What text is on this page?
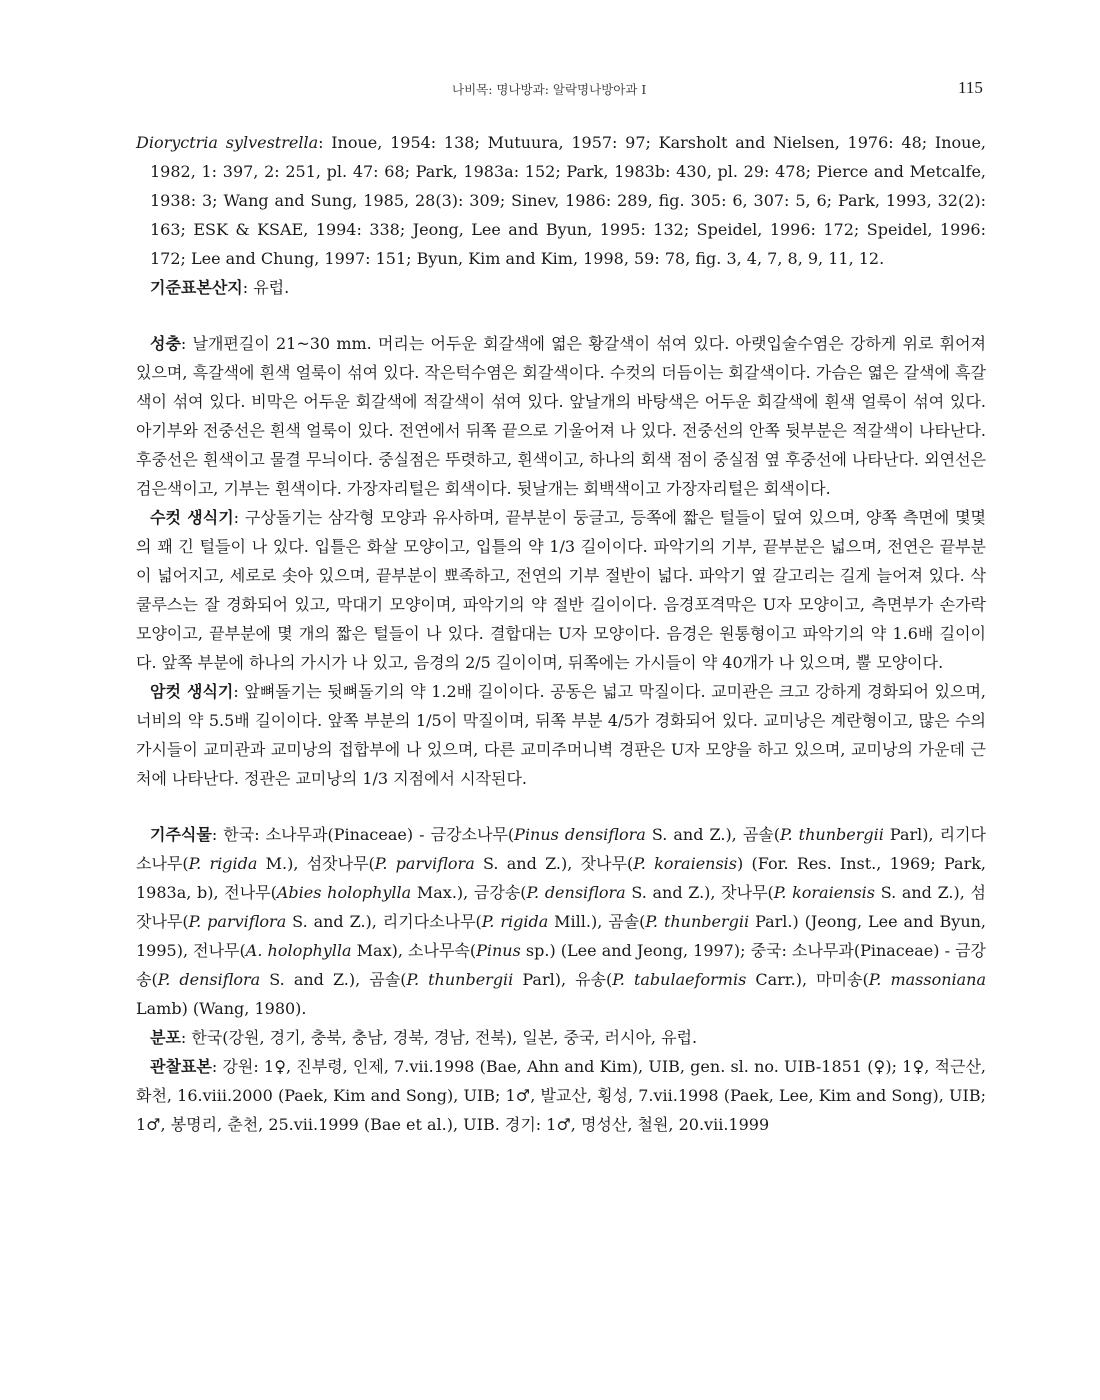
나비목: 명나방과: 알락명나방아과 I	115

Dioryctria sylvestrella: Inoue, 1954: 138; Mutuura, 1957: 97; Karsholt and Nielsen, 1976: 48; Inoue, 1982, 1: 397, 2: 251, pl. 47: 68; Park, 1983a: 152; Park, 1983b: 430, pl. 29: 478; Pierce and Metcalfe, 1938: 3; Wang and Sung, 1985, 28(3): 309; Sinev, 1986: 289, fig. 305: 6, 307: 5, 6; Park, 1993, 32(2): 163; ESK & KSAE, 1994: 338; Jeong, Lee and Byun, 1995: 132; Speidel, 1996: 172; Speidel, 1996: 172; Lee and Chung, 1997: 151; Byun, Kim and Kim, 1998, 59: 78, fig. 3, 4, 7, 8, 9, 11, 12.

기준표본산지: 유럽.

성충: 날개편길이 21~30 mm. 머리는 어두운 회갈색에 엷은 황갈색이 섞여 있다. 아랫입술수염은 강하게 위로 휘어져 있으며, 흑갈색에 흰색 얼룩이 섞여 있다. 작은턱수염은 회갈색이다. 수컷의 더듬이는 회갈색이다. 가슴은 엷은 갈색에 흑갈색이 섞여 있다. 비막은 어두운 회갈색에 적갈색이 섞여 있다. 앞날개의 바탕색은 어두운 회갈색에 흰색 얼룩이 섞여 있다. 아기부와 전중선은 흰색 얼룩이 있다. 전연에서 뒤쪽 끝으로 기울어져 나 있다. 전중선의 안쪽 뒷부분은 적갈색이 나타난다. 후중선은 흰색이고 물결 무늬이다. 중실점은 뚜렷하고, 흰색이고, 하나의 회색 점이 중실점 옆 후중선에 나타난다. 외연선은 검은색이고, 기부는 흰색이다. 가장자리털은 회색이다. 뒷날개는 회백색이고 가장자리털은 회색이다.

수컷 생식기: 구상돌기는 삼각형 모양과 유사하며, 끝부분이 둥글고, 등쪽에 짧은 털들이 덮여 있으며, 양쪽 측면에 몇몇의 꽤 긴 털들이 나 있다. 입틀은 화살 모양이고, 입틀의 약 1/3 길이이다. 파악기의 기부, 끝부분은 넓으며, 전연은 끝부분이 넓어지고, 세로로 솟아 있으며, 끝부분이 뾰족하고, 전연의 기부 절반이 넓다. 파악기 옆 갈고리는 길게 늘어져 있다. 삭쿨루스는 잘 경화되어 있고, 막대기 모양이며, 파악기의 약 절반 길이이다. 음경포격막은 U자 모양이고, 측면부가 손가락 모양이고, 끝부분에 몇 개의 짧은 털들이 나 있다. 결합대는 U자 모양이다. 음경은 원통형이고 파악기의 약 1.6배 길이이다. 앞쪽 부분에 하나의 가시가 나 있고, 음경의 2/5 길이이며, 뒤쪽에는 가시들이 약 40개가 나 있으며, 뿔 모양이다.

암컷 생식기: 앞뼈돌기는 뒷뼈돌기의 약 1.2배 길이이다. 공동은 넓고 막질이다. 교미관은 크고 강하게 경화되어 있으며, 너비의 약 5.5배 길이이다. 앞쪽 부분의 1/5이 막질이며, 뒤쪽 부분 4/5가 경화되어 있다. 교미낭은 계란형이고, 많은 수의 가시들이 교미관과 교미낭의 접합부에 나 있으며, 다른 교미주머니벽 경판은 U자 모양을 하고 있으며, 교미낭의 가운데 근처에 나타난다. 정관은 교미낭의 1/3 지점에서 시작된다.

기주식물: 한국: 소나무과(Pinaceae) - 금강소나무(Pinus densiflora S. and Z.), 곰솔(P. thunbergii Parl), 리기다소나무(P. rigida M.), 섬잣나무(P. parviflora S. and Z.), 잣나무(P. koraiensis) (For. Res. Inst., 1969; Park, 1983a, b), 전나무(Abies holophylla Max.), 금강송(P. densiflora S. and Z.), 잣나무(P. koraiensis S. and Z.), 섬잣나무(P. parviflora S. and Z.), 리기다소나무(P. rigida Mill.), 곰솔(P. thunbergii Parl.) (Jeong, Lee and Byun, 1995), 전나무(A. holophylla Max), 소나무속(Pinus sp.) (Lee and Jeong, 1997); 중국: 소나무과(Pinaceae) - 금강송(P. densiflora S. and Z.), 곰솔(P. thunbergii Parl), 유송(P. tabulaeformis Carr.), 마미송(P. massoniana Lamb) (Wang, 1980).

분포: 한국(강원, 경기, 충북, 충남, 경북, 경남, 전북), 일본, 중국, 러시아, 유럽.

관찰표본: 강원: 1♀, 진부령, 인제, 7.vii.1998 (Bae, Ahn and Kim), UIB, gen. sl. no. UIB-1851 (♀); 1♀, 적근산, 화천, 16.viii.2000 (Paek, Kim and Song), UIB; 1♂, 발교산, 횡성, 7.vii.1998 (Paek, Lee, Kim and Song), UIB; 1♂, 봉명리, 춘천, 25.vii.1999 (Bae et al.), UIB. 경기: 1♂, 명성산, 철원, 20.vii.1999
